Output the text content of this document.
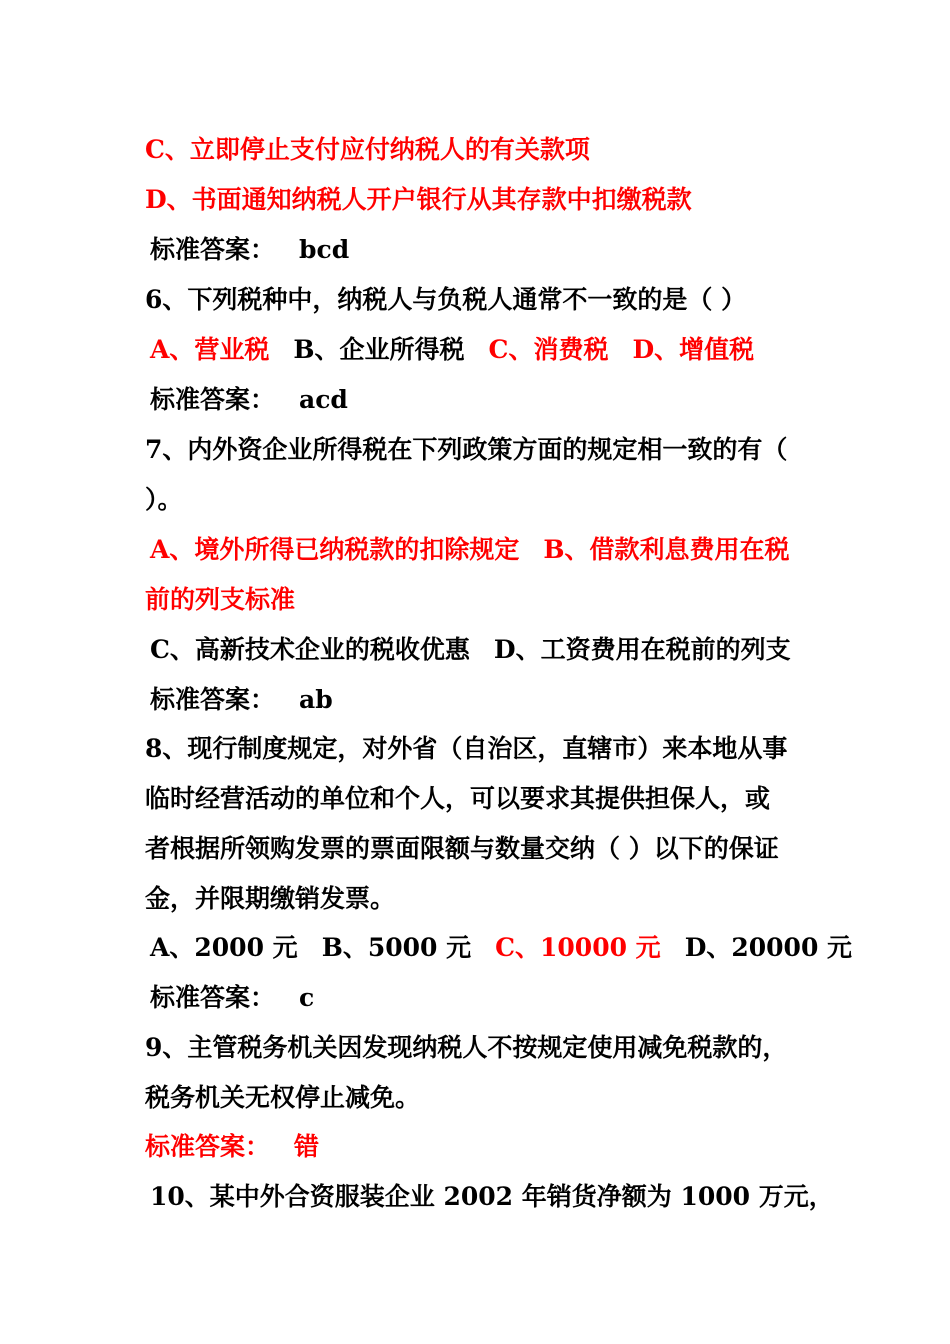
C、立即停止支付应付纳税人的有关款项
D、书面通知纳税人开户银行从其存款中扣缴税款
标准答案： bcd
6、下列税种中，纳税人与负税人通常不一致的是（ ）
A、营业税 B、企业所得税 C、消费税 D、增值税
标准答案： acd
7、内外资企业所得税在下列政策方面的规定相一致的有（
）。
A、境外所得已纳税款的扣除规定 B、借款利息费用在税
前的列支标准
C、高新技术企业的税收优惠 D、工资费用在税前的列支
标准答案： ab
8、现行制度规定，对外省（自治区，直辖市）来本地从事
临时经营活动的单位和个人，可以要求其提供担保人，或
者根据所领购发票的票面限额与数量交纳（ ）以下的保证
金，并限期缴销发票。
A、2000 元 B、5000 元 C、10000 元 D、20000 元
标准答案： c
9、主管税务机关因发现纳税人不按规定使用减免税款的，
税务机关无权停止减免。
标准答案： 错
10、某中外合资服装企业 2002 年销货净额为 1000 万元，
